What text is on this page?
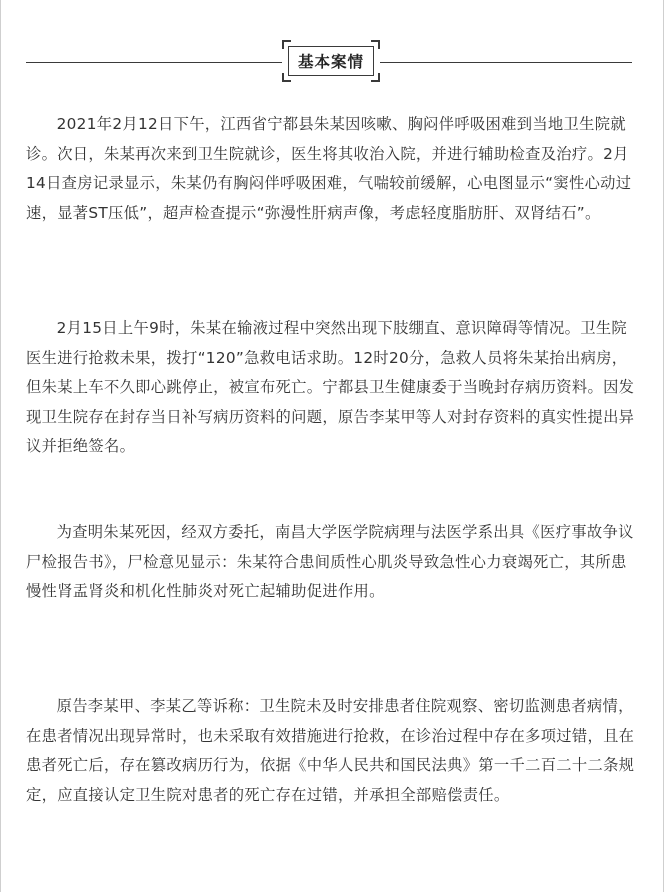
基本案情

2021年2月12日下午，江西省宁都县朱某因咳嗽、胸闷伴呼吸困难到当地卫生院就诊。次日，朱某再次来到卫生院就诊，医生将其收治入院，并进行辅助检查及治疗。2月14日查房记录显示，朱某仍有胸闷伴呼吸困难，气喘较前缓解，心电图显示“窦性心动过速，显著ST压低”，超声检查提示“弥漫性肝病声像，考虑轻度脂肪肝、双肾结石”。

2月15日上午9时，朱某在输液过程中突然出现下肢绷直、意识障碍等情况。卫生院医生进行抢救未果，拨打“120”急救电话求助。12时20分，急救人员将朱某抬出病房，但朱某上车不久即心跳停止，被宣布死亡。宁都县卫生健康委于当晚封存病历资料。因发现卫生院存在封存当日补写病历资料的问题，原告李某甲等人对封存资料的真实性提出异议并拒绝签名。

为查明朱某死因，经双方委托，南昌大学医学院病理与法医学系出具《医疗事故争议尸检报告书》，尸检意见显示：朱某符合患间质性心肌炎导致急性心力衰竭死亡，其所患慢性肾盂肾炎和机化性肺炎对死亡起辅助促进作用。

原告李某甲、李某乙等诉称：卫生院未及时安排患者住院观察、密切监测患者病情，在患者情况出现异常时，也未采取有效措施进行抢救，在诊治过程中存在多项过错，且在患者死亡后，存在篡改病历行为，依据《中华人民共和国民法典》第一千二百二十二条规定，应直接认定卫生院对患者的死亡存在过错，并承担全部赔偿责任。
